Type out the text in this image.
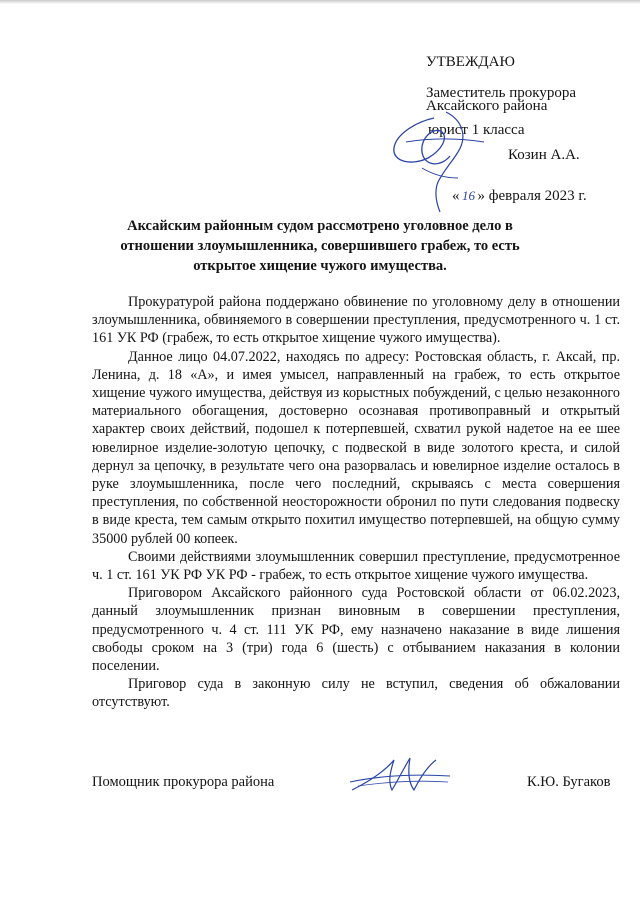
УТВЕЖДАЮ
Заместитель прокурора
Аксайского района
юрист 1 класса
Козин А.А.
« 16 » февраля 2023 г.
Аксайским районным судом рассмотрено уголовное дело в отношении злоумышленника, совершившего грабеж, то есть открытое хищение чужого имущества.

Прокуратурой района поддержано обвинение по уголовному делу в отношении злоумышленника, обвиняемого в совершении преступления, предусмотренного ч. 1 ст. 161 УК РФ (грабеж, то есть открытое хищение чужого имущества).

Данное лицо 04.07.2022, находясь по адресу: Ростовская область, г. Аксай, пр. Ленина, д. 18 «А», и имея умысел, направленный на грабеж, то есть открытое хищение чужого имущества, действуя из корыстных побуждений, с целью незаконного материального обогащения, достоверно осознавая противоправный и открытый характер своих действий, подошел к потерпевшей, схватил рукой надетое на ее шее ювелирное изделие-золотую цепочку, с подвеской в виде золотого креста, и силой дернул за цепочку, в результате чего она разорвалась и ювелирное изделие осталось в руке злоумышленника, после чего последний, скрываясь с места совершения преступления, по собственной неосторожности обронил по пути следования подвеску в виде креста, тем самым открыто похитил имущество потерпевшей, на общую сумму 35000 рублей 00 копеек.

Своими действиями злоумышленник совершил преступление, предусмотренное ч. 1 ст. 161 УК РФ УК РФ - грабеж, то есть открытое хищение чужого имущества.

Приговором Аксайского районного суда Ростовской области от 06.02.2023, данный злоумышленник признан виновным в совершении преступления, предусмотренного ч. 4 ст. 111 УК РФ, ему назначено наказание в виде лишения свободы сроком на 3 (три) года 6 (шесть) с отбыванием наказания в колонии поселении.

Приговор суда в законную силу не вступил, сведения об обжаловании отсутствуют.

Помощник прокурора района	К.Ю. Бугаков
